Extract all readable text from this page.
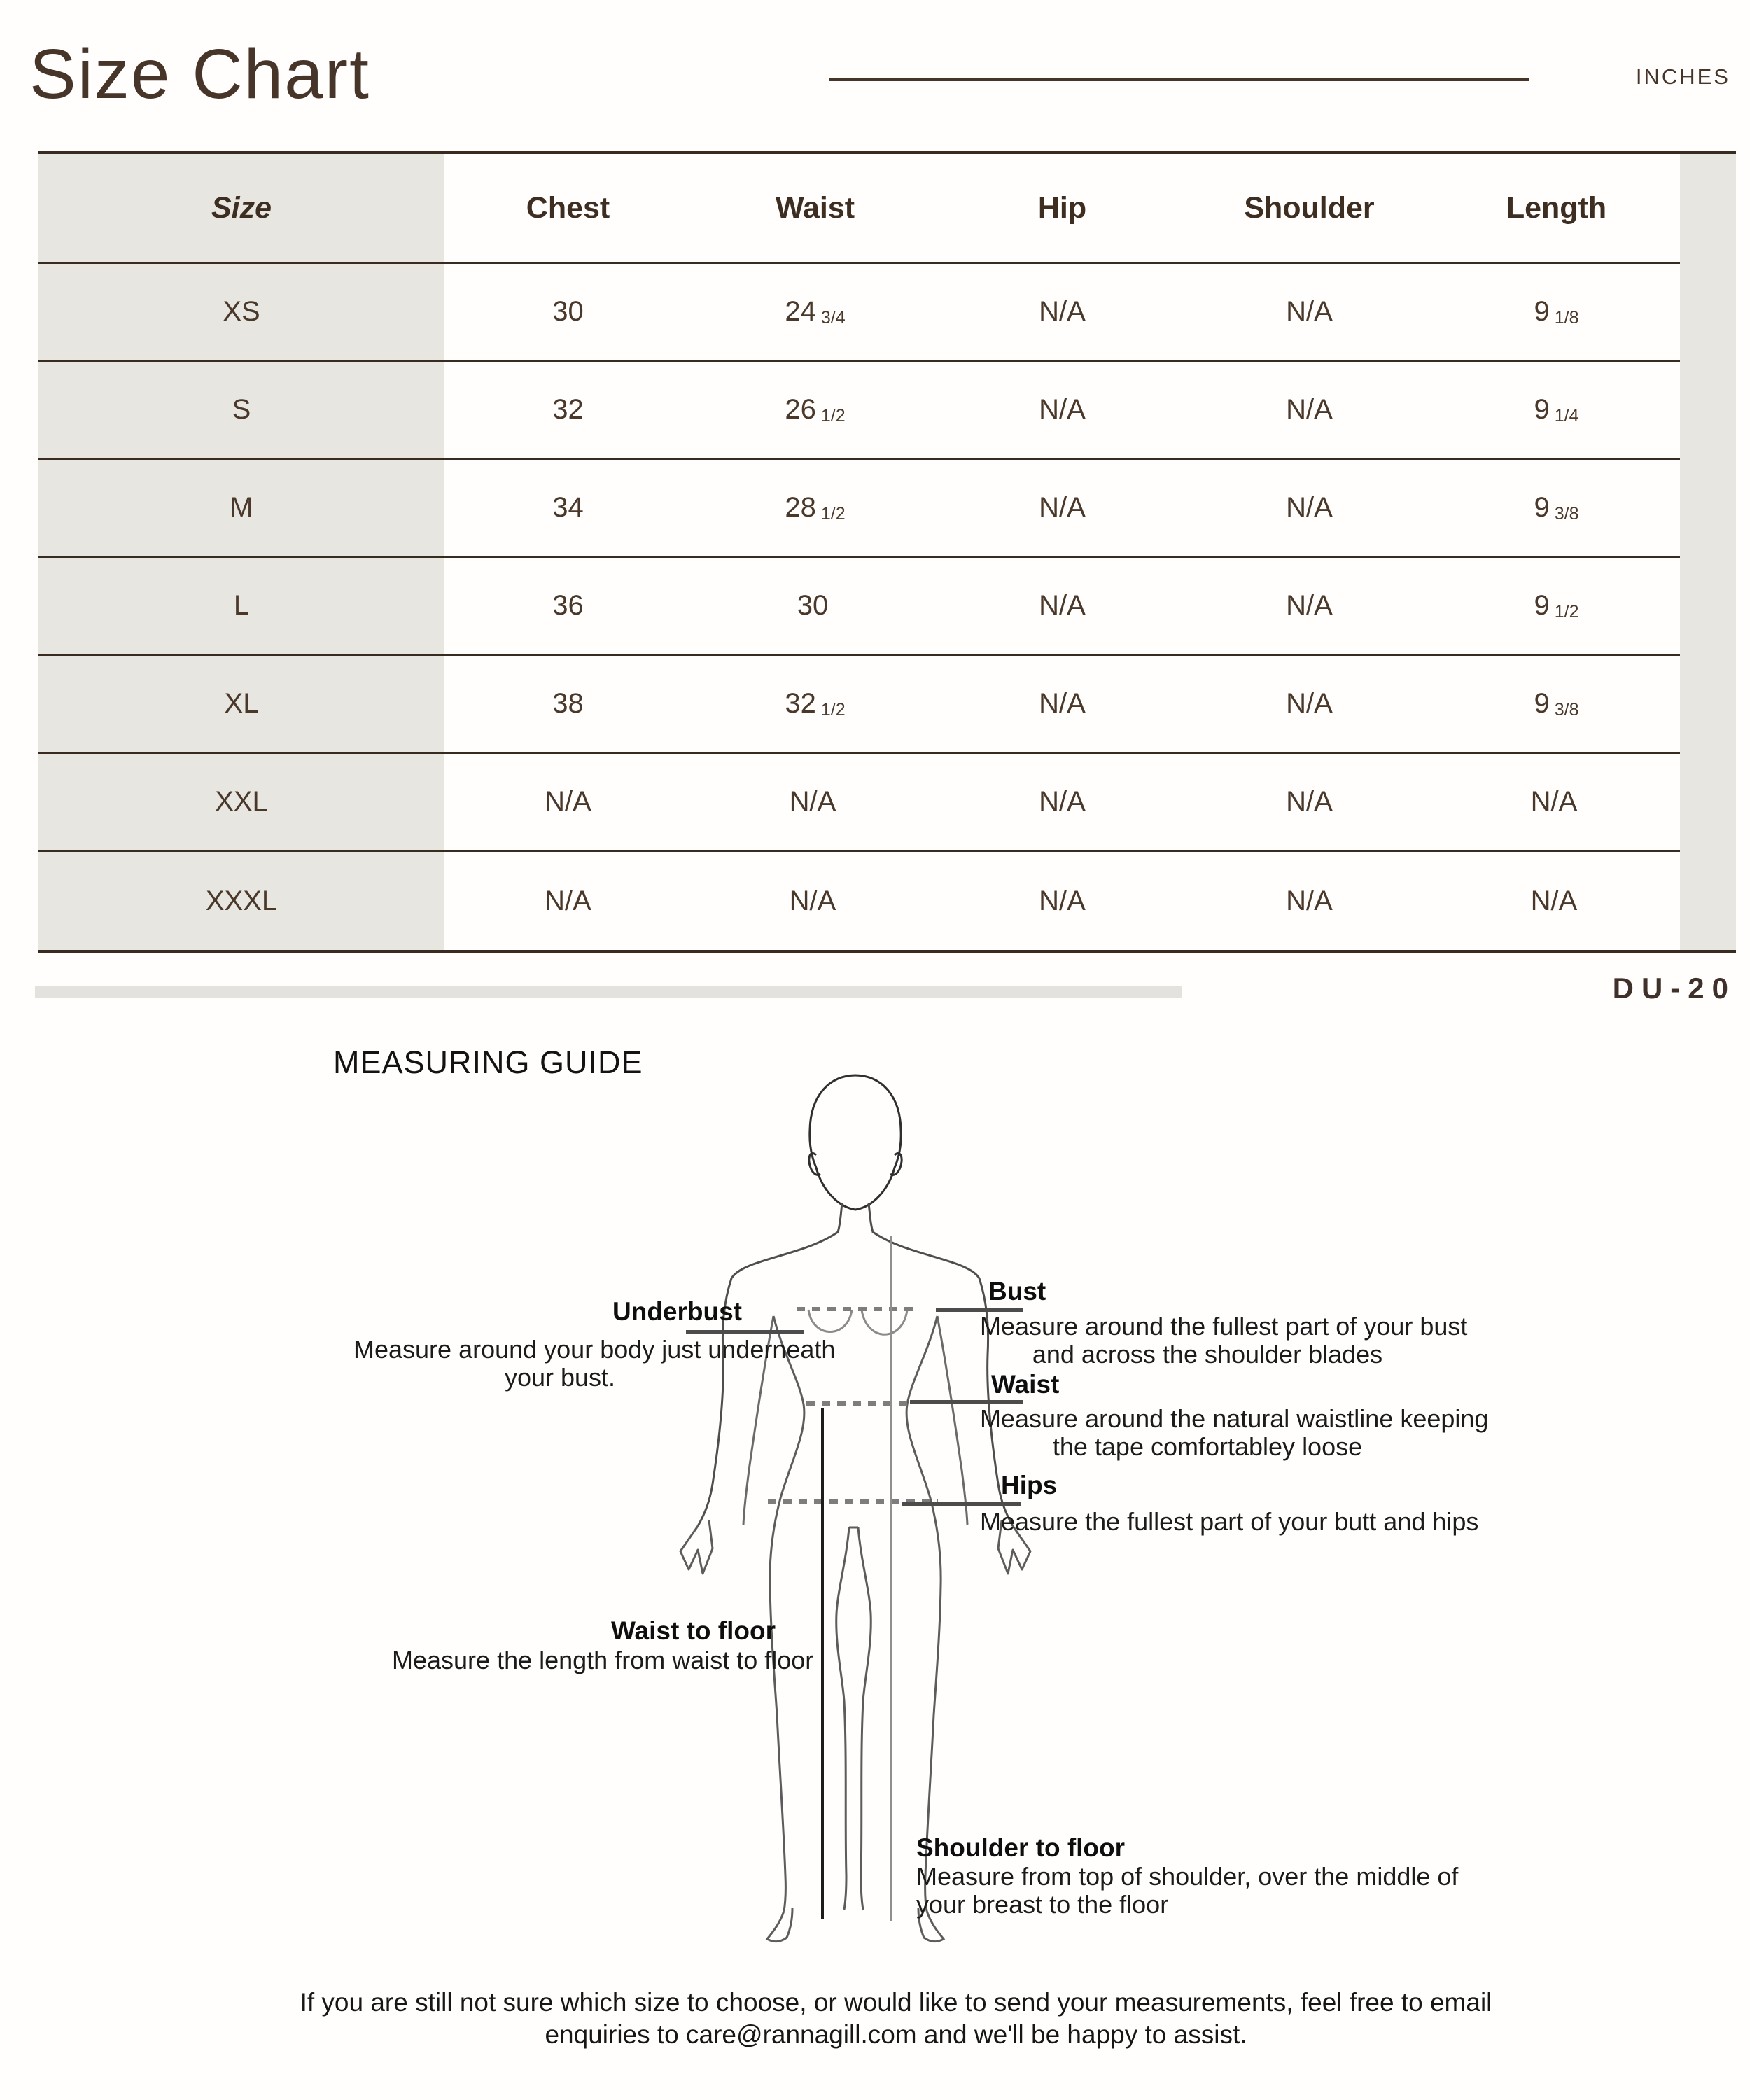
Size Chart	INCHES
Size	Chest	Waist	Hip	Shoulder	Length
XS	30	24 3/4	N/A	N/A	9 1/8
S	32	26 1/2	N/A	N/A	9 1/4
M	34	28 1/2	N/A	N/A	9 3/8
L	36	30	N/A	N/A	9 1/2
XL	38	32 1/2	N/A	N/A	9 3/8
XXL	N/A	N/A	N/A	N/A	N/A
XXXL	N/A	N/A	N/A	N/A	N/A
DU-20
MEASURING GUIDE
Underbust
Measure around your body just underneath
your bust.
Bust
Measure around the fullest part of your bust
and across the shoulder blades
Waist
Measure around the natural waistline keeping
the tape comfortabley loose
Hips
Measure the fullest part of your butt and hips
Waist to floor
Measure the length from waist to floor
Shoulder to floor
Measure from top of shoulder, over the middle of
your breast to the floor
If you are still not sure which size to choose, or would like to send your measurements, feel free to email
enquiries to care@rannagill.com and we'll be happy to assist.
